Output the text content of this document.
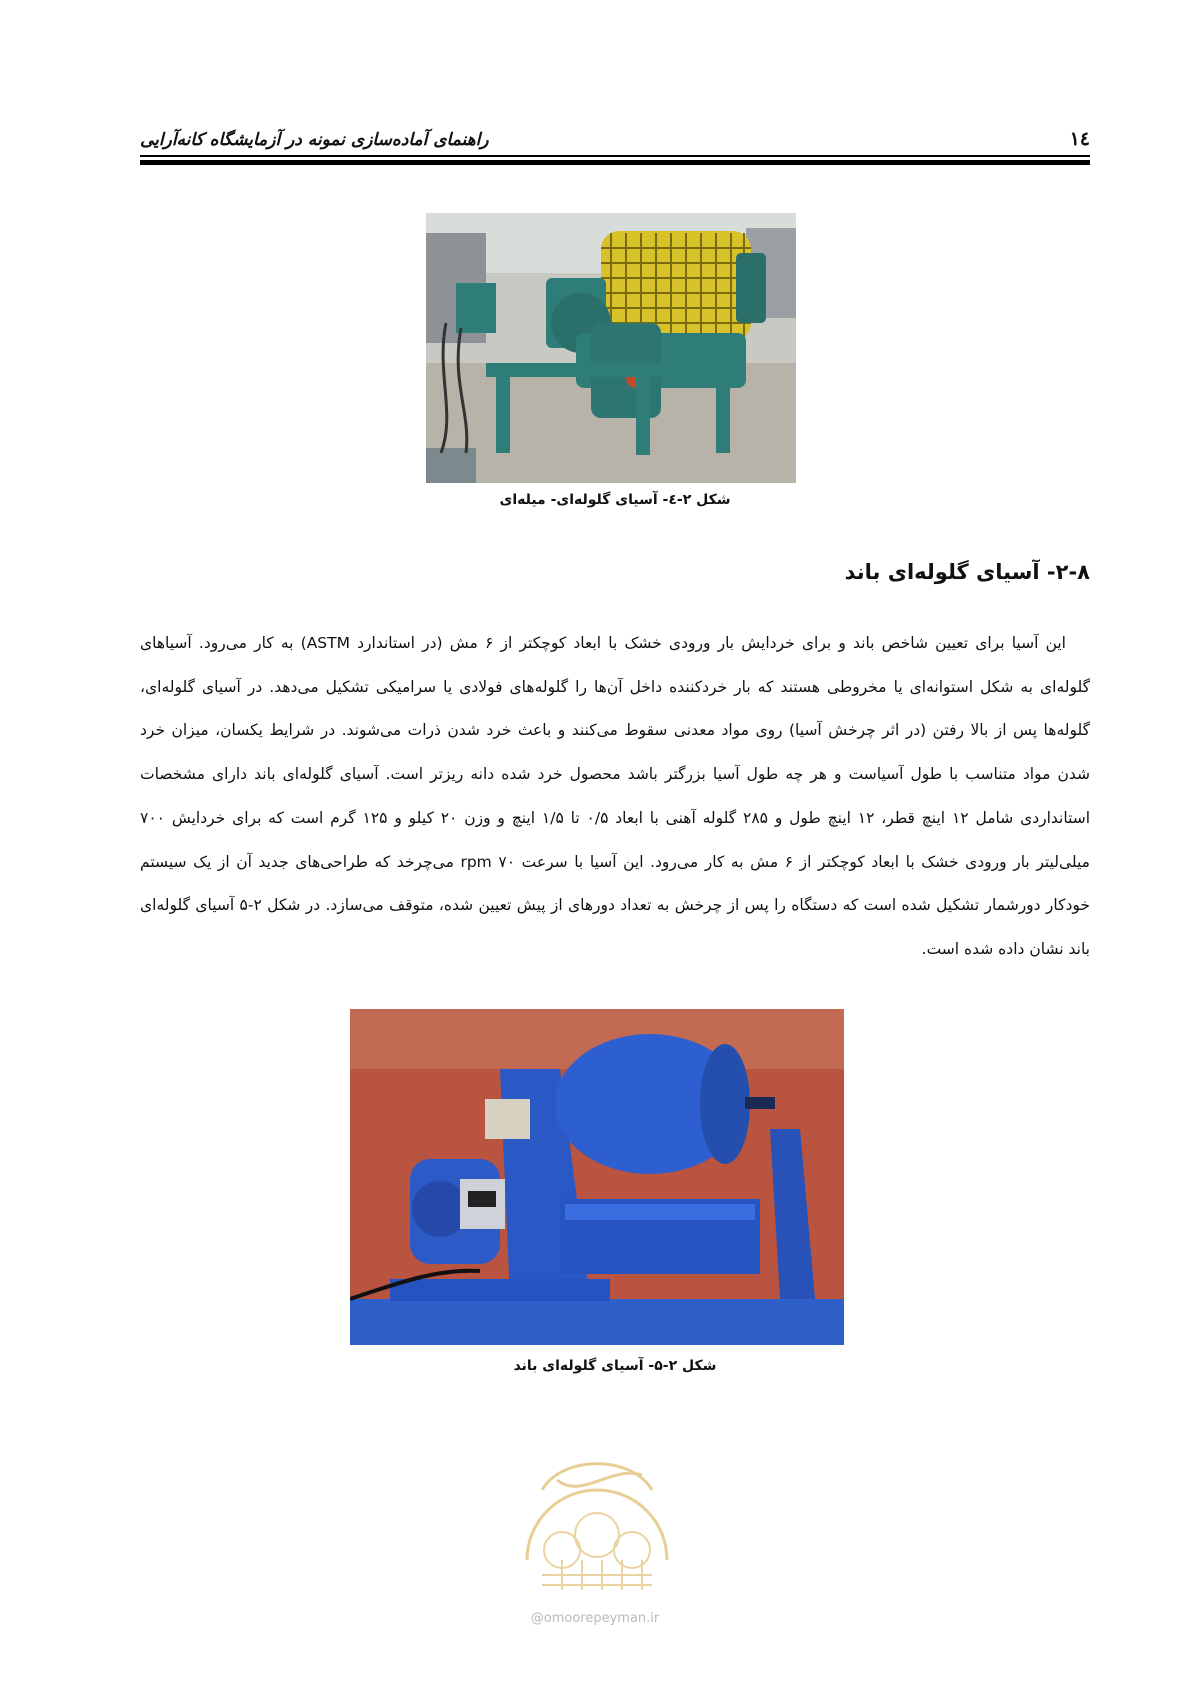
راهنمای آماده‌سازی نمونه در آزمایشگاه کانه‌آرایی	۱٤
شکل ۲-٤- آسیای گلوله‌ای- میله‌ای
۲-۸- آسیای گلوله‌ای باند

این آسیا برای تعیین شاخص باند و برای خردایش بار ورودی خشک با ابعاد کوچکتر از ۶ مش (در استاندارد ASTM) به کار می‌رود. آسیاهای گلوله‌ای به شکل استوانه‌ای یا مخروطی هستند که بار خردکننده داخل آن‌ها را گلوله‌های فولادی یا سرامیکی تشکیل می‌دهد. در آسیای گلوله‌ای، گلوله‌ها پس از بالا رفتن (در اثر چرخش آسیا) روی مواد معدنی سقوط می‌کنند و باعث خرد شدن ذرات می‌شوند. در شرایط یکسان، میزان خرد شدن مواد متناسب با طول آسیاست و هر چه طول آسیا بزرگتر باشد محصول خرد شده دانه ریزتر است. آسیای گلوله‌ای باند دارای مشخصات استانداردی شامل ۱۲ اینچ قطر، ۱۲ اینچ طول و ۲۸۵ گلوله آهنی با ابعاد ۰/۵ تا ۱/۵ اینچ و وزن ۲۰ کیلو و ۱۲۵ گرم است که برای خردایش ۷۰۰ میلی‌لیتر بار ورودی خشک با ابعاد کوچکتر از ۶ مش به کار می‌رود. این آسیا با سرعت ۷۰ rpm می‌چرخد که طراحی‌های جدید آن از یک سیستم خودکار دورشمار تشکیل شده است که دستگاه را پس از چرخش به تعداد دورهای از پیش تعیین شده، متوقف می‌سازد. در شکل ۲-۵ آسیای گلوله‌ای باند نشان داده شده است.

شکل ۲-۵- آسیای گلوله‌ای باند
@omoorepeyman.ir
